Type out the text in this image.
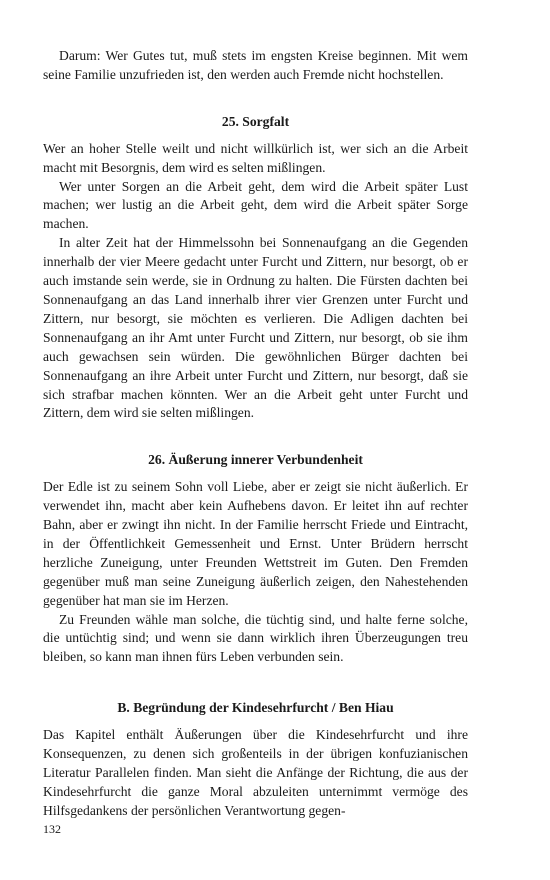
Darum: Wer Gutes tut, muß stets im engsten Kreise beginnen. Mit wem seine Familie unzufrieden ist, den werden auch Fremde nicht hochstellen.

25. Sorgfalt

Wer an hoher Stelle weilt und nicht willkürlich ist, wer sich an die Arbeit macht mit Besorgnis, dem wird es selten mißlingen.

Wer unter Sorgen an die Arbeit geht, dem wird die Arbeit später Lust machen; wer lustig an die Arbeit geht, dem wird die Arbeit später Sorge machen.

In alter Zeit hat der Himmelssohn bei Sonnenaufgang an die Gegenden innerhalb der vier Meere gedacht unter Furcht und Zittern, nur besorgt, ob er auch imstande sein werde, sie in Ordnung zu halten. Die Fürsten dachten bei Sonnenaufgang an das Land innerhalb ihrer vier Grenzen unter Furcht und Zittern, nur besorgt, sie möchten es verlieren. Die Adligen dachten bei Sonnenaufgang an ihr Amt unter Furcht und Zittern, nur besorgt, ob sie ihm auch gewachsen sein würden. Die gewöhnlichen Bürger dachten bei Sonnenaufgang an ihre Arbeit unter Furcht und Zittern, nur besorgt, daß sie sich strafbar machen könnten. Wer an die Arbeit geht unter Furcht und Zittern, dem wird sie selten mißlingen.

26. Äußerung innerer Verbundenheit

Der Edle ist zu seinem Sohn voll Liebe, aber er zeigt sie nicht äußerlich. Er verwendet ihn, macht aber kein Aufhebens davon. Er leitet ihn auf rechter Bahn, aber er zwingt ihn nicht. In der Familie herrscht Friede und Eintracht, in der Öffentlichkeit Gemessenheit und Ernst. Unter Brüdern herrscht herzliche Zuneigung, unter Freunden Wettstreit im Guten. Den Fremden gegenüber muß man seine Zuneigung äußerlich zeigen, den Nahestehenden gegenüber hat man sie im Herzen.

Zu Freunden wähle man solche, die tüchtig sind, und halte ferne solche, die untüchtig sind; und wenn sie dann wirklich ihren Überzeugungen treu bleiben, so kann man ihnen fürs Leben verbunden sein.

B. Begründung der Kindesehrfurcht / Ben Hiau

Das Kapitel enthält Äußerungen über die Kindesehrfurcht und ihre Konsequenzen, zu denen sich großenteils in der übrigen konfuzianischen Literatur Parallelen finden. Man sieht die Anfänge der Richtung, die aus der Kindesehrfurcht die ganze Moral abzuleiten unternimmt vermöge des Hilfsgedankens der persönlichen Verantwortung gegen-

132
